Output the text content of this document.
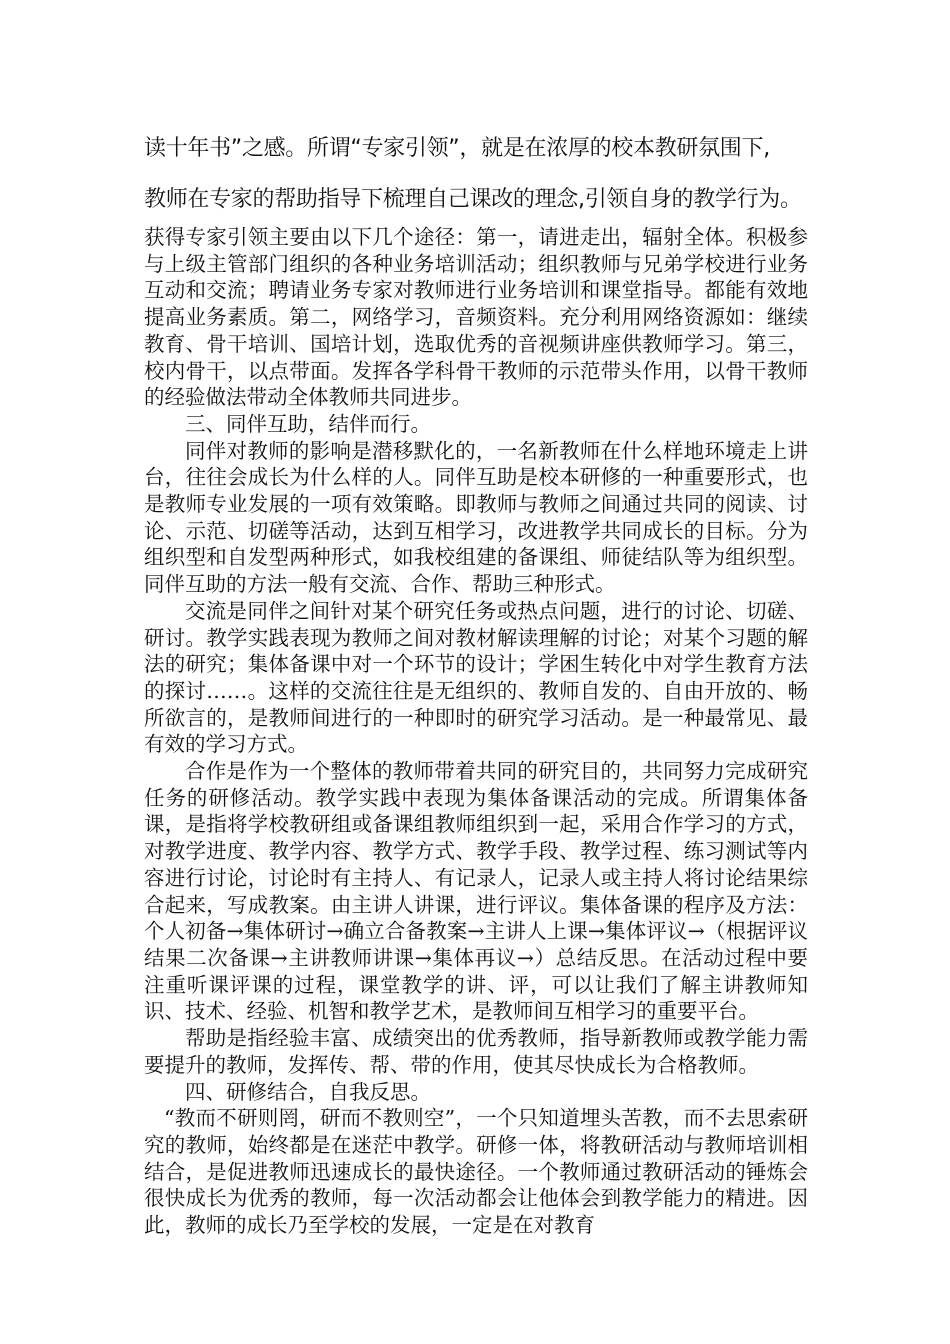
读十年书”之感。所谓“专家引领”，就是在浓厚的校本教研氛围下,
教师在专家的帮助指导下梳理自己课改的理念,引领自身的教学行为。

获得专家引领主要由以下几个途径：第一，请进走出，辐射全体。积极参与上级主管部门组织的各种业务培训活动；组织教师与兄弟学校进行业务互动和交流；聘请业务专家对教师进行业务培训和课堂指导。都能有效地提高业务素质。第二，网络学习，音频资料。充分利用网络资源如：继续教育、骨干培训、国培计划，选取优秀的音视频讲座供教师学习。第三，校内骨干，以点带面。发挥各学科骨干教师的示范带头作用，以骨干教师的经验做法带动全体教师共同进步。

三、同伴互助，结伴而行。

同伴对教师的影响是潜移默化的，一名新教师在什么样地环境走上讲台，往往会成长为什么样的人。同伴互助是校本研修的一种重要形式，也是教师专业发展的一项有效策略。即教师与教师之间通过共同的阅读、讨论、示范、切磋等活动，达到互相学习，改进教学共同成长的目标。分为组织型和自发型两种形式，如我校组建的备课组、师徒结队等为组织型。同伴互助的方法一般有交流、合作、帮助三种形式。

交流是同伴之间针对某个研究任务或热点问题，进行的讨论、切磋、研讨。教学实践表现为教师之间对教材解读理解的讨论；对某个习题的解法的研究；集体备课中对一个环节的设计；学困生转化中对学生教育方法的探讨……。这样的交流往往是无组织的、教师自发的、自由开放的、畅所欲言的，是教师间进行的一种即时的研究学习活动。是一种最常见、最有效的学习方式。

合作是作为一个整体的教师带着共同的研究目的，共同努力完成研究任务的研修活动。教学实践中表现为集体备课活动的完成。所谓集体备课，是指将学校教研组或备课组教师组织到一起，采用合作学习的方式，对教学进度、教学内容、教学方式、教学手段、教学过程、练习测试等内容进行讨论，讨论时有主持人、有记录人，记录人或主持人将讨论结果综合起来，写成教案。由主讲人讲课，进行评议。集体备课的程序及方法：个人初备→集体研讨→确立合备教案→主讲人上课→集体评议→（根据评议结果二次备课→主讲教师讲课→集体再议→）总结反思。在活动过程中要注重听课评课的过程，课堂教学的讲、评，可以让我们了解主讲教师知识、技术、经验、机智和教学艺术，是教师间互相学习的重要平台。

帮助是指经验丰富、成绩突出的优秀教师，指导新教师或教学能力需要提升的教师，发挥传、帮、带的作用，使其尽快成长为合格教师。

四、研修结合，自我反思。

“教而不研则罔，研而不教则空”，一个只知道埋头苦教，而不去思索研究的教师，始终都是在迷茫中教学。研修一体，将教研活动与教师培训相结合，是促进教师迅速成长的最快途径。一个教师通过教研活动的锤炼会很快成长为优秀的教师，每一次活动都会让他体会到教学能力的精进。因此，教师的成长乃至学校的发展，一定是在对教育
